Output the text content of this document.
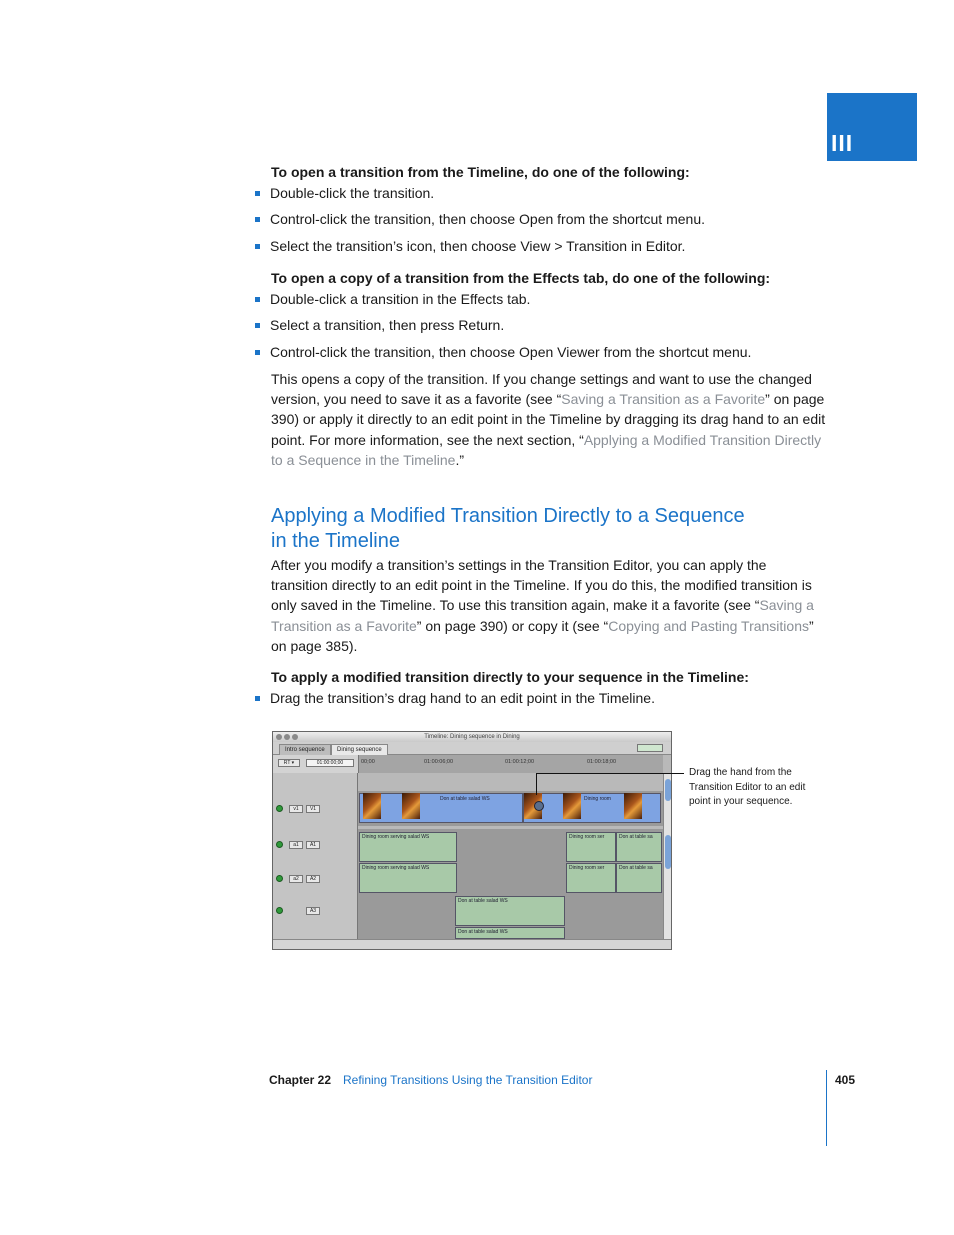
III
To open a transition from the Timeline, do one of the following:
Double-click the transition.
Control-click the transition, then choose Open from the shortcut menu.
Select the transition’s icon, then choose View > Transition in Editor.
To open a copy of a transition from the Effects tab, do one of the following:
Double-click a transition in the Effects tab.
Select a transition, then press Return.
Control-click the transition, then choose Open Viewer from the shortcut menu.
This opens a copy of the transition. If you change settings and want to use the changed version, you need to save it as a favorite (see “Saving a Transition as a Favorite” on page 390) or apply it directly to an edit point in the Timeline by dragging its drag hand to an edit point. For more information, see the next section, “Applying a Modified Transition Directly to a Sequence in the Timeline.”
Applying a Modified Transition Directly to a Sequence
in the Timeline
After you modify a transition’s settings in the Transition Editor, you can apply the transition directly to an edit point in the Timeline. If you do this, the modified transition is only saved in the Timeline. To use this transition again, make it a favorite (see “Saving a Transition as a Favorite” on page 390) or copy it (see “Copying and Pasting Transitions” on page 385).
To apply a modified transition directly to your sequence in the Timeline:
Drag the transition’s drag hand to an edit point in the Timeline.
Timeline: Dining sequence in Dining
Intro sequence	Dining sequence
RT ▾	01:00:00;00	00;00	01:00:06;00	01:00:12;00	01:00:18;00
v1	V1
a1	A1
a2	A2
A3
Don at table salad WS	Dining room
Dining room serving salad WS	Dining room ser	Don at table sa
Dining room serving salad WS	Dining room ser	Don at table sa
Don at table salad WS
Don at table salad WS
Drag the hand from the Transition Editor to an edit point in your sequence.
Chapter 22 Refining Transitions Using the Transition Editor	405
